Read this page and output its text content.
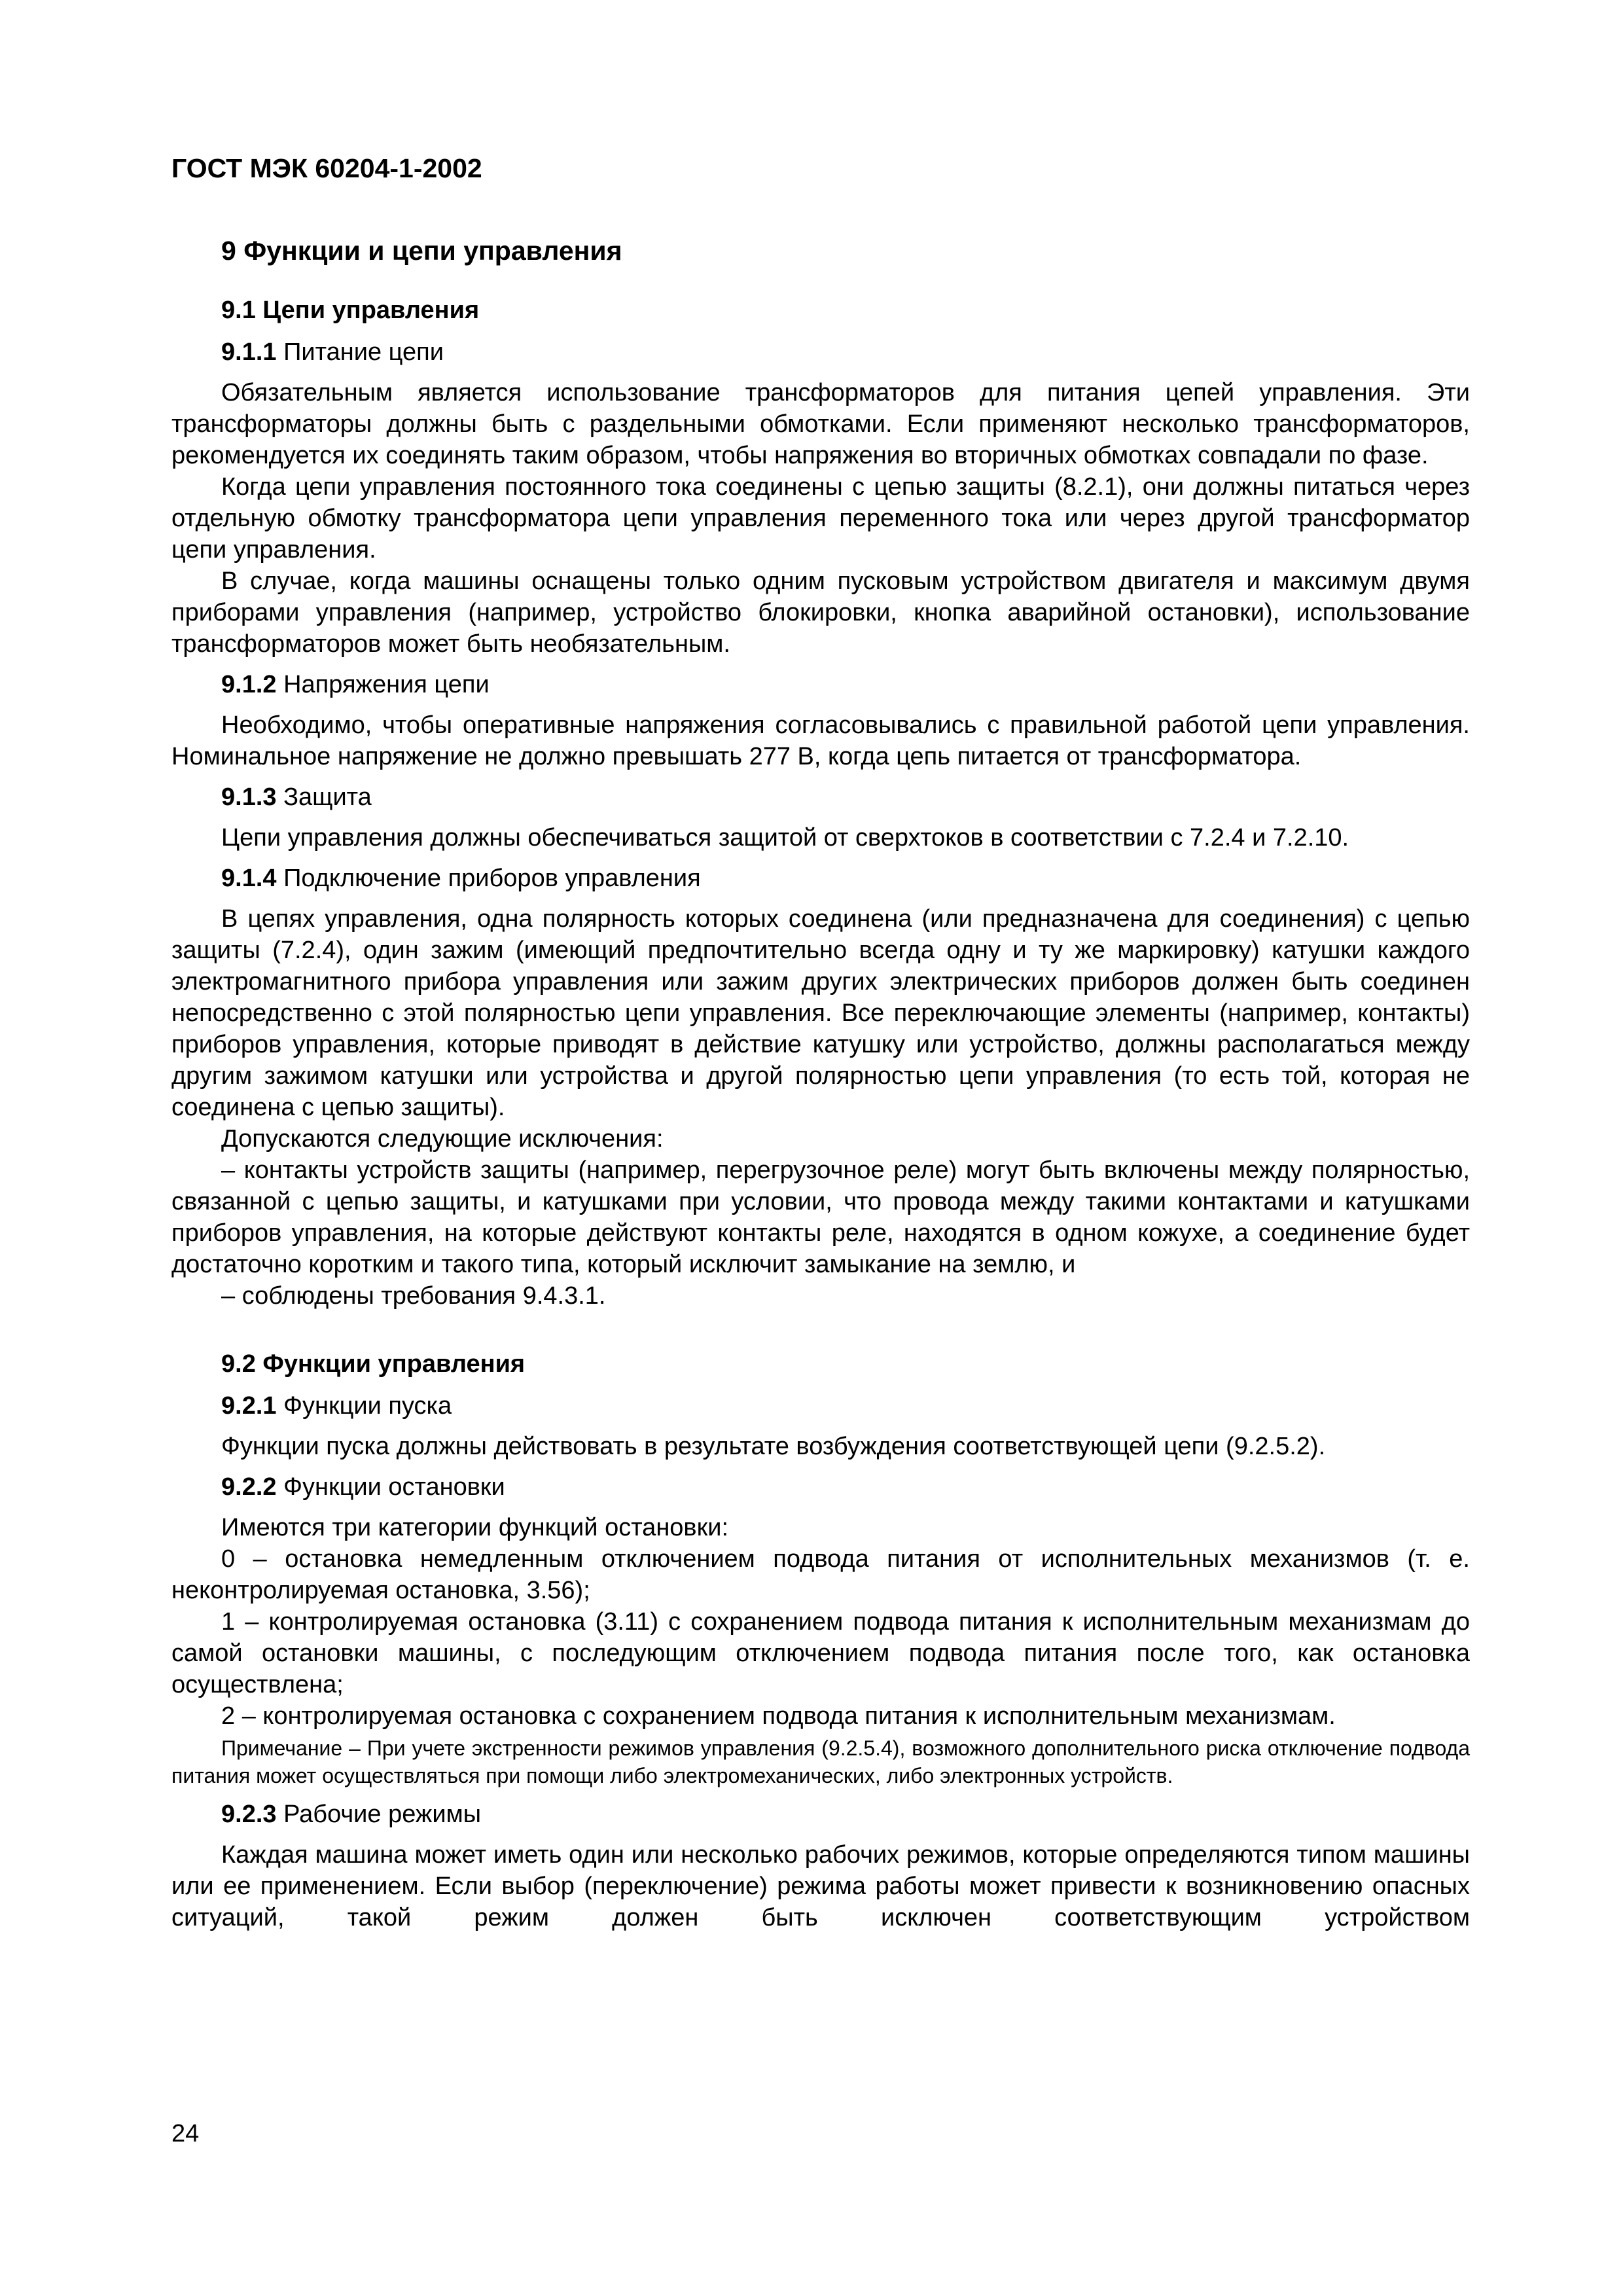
ГОСТ МЭК 60204-1-2002
9 Функции и цепи управления
9.1 Цепи управления
9.1.1 Питание цепи

Обязательным является использование трансформаторов для питания цепей управления. Эти трансформаторы должны быть с раздельными обмотками. Если применяют несколько трансформаторов, рекомендуется их соединять таким образом, чтобы напряжения во вторичных обмотках совпадали по фазе.

Когда цепи управления постоянного тока соединены с цепью защиты (8.2.1), они должны питаться через отдельную обмотку трансформатора цепи управления переменного тока или через другой трансформатор цепи управления.

В случае, когда машины оснащены только одним пусковым устройством двигателя и максимум двумя приборами управления (например, устройство блокировки, кнопка аварийной остановки), использование трансформаторов может быть необязательным.

9.1.2 Напряжения цепи

Необходимо, чтобы оперативные напряжения согласовывались с правильной работой цепи управления. Номинальное напряжение не должно превышать 277 В, когда цепь питается от трансформатора.

9.1.3 Защита

Цепи управления должны обеспечиваться защитой от сверхтоков в соответствии с 7.2.4 и 7.2.10.

9.1.4 Подключение приборов управления

В цепях управления, одна полярность которых соединена (или предназначена для соединения) с цепью защиты (7.2.4), один зажим (имеющий предпочтительно всегда одну и ту же маркировку) катушки каждого электромагнитного прибора управления или зажим других электрических приборов должен быть соединен непосредственно с этой полярностью цепи управления. Все переключающие элементы (например, контакты) приборов управления, которые приводят в действие катушку или устройство, должны располагаться между другим зажимом катушки или устройства и другой полярностью цепи управления (то есть той, которая не соединена с цепью защиты).

Допускаются следующие исключения:

– контакты устройств защиты (например, перегрузочное реле) могут быть включены между полярностью, связанной с цепью защиты, и катушками при условии, что провода между такими контактами и катушками приборов управления, на которые действуют контакты реле, находятся в одном кожухе, а соединение будет достаточно коротким и такого типа, который исключит замыкание на землю, и

– соблюдены требования 9.4.3.1.

9.2 Функции управления
9.2.1 Функции пуска

Функции пуска должны действовать в результате возбуждения соответствующей цепи (9.2.5.2).

9.2.2 Функции остановки

Имеются три категории функций остановки:

0 – остановка немедленным отключением подвода питания от исполнительных механизмов (т. е. неконтролируемая остановка, 3.56);

1 – контролируемая остановка (3.11) с сохранением подвода питания к исполнительным механизмам до самой остановки машины, с последующим отключением подвода питания после того, как остановка осуществлена;

2 – контролируемая остановка с сохранением подвода питания к исполнительным механизмам.

Примечание – При учете экстренности режимов управления (9.2.5.4), возможного дополнительного риска отключение подвода питания может осуществляться при помощи либо электромеханических, либо электронных устройств.

9.2.3 Рабочие режимы

Каждая машина может иметь один или несколько рабочих режимов, которые определяются типом машины или ее применением. Если выбор (переключение) режима работы может привести к возникновению опасных ситуаций, такой режим должен быть исключен соответствующим устройством

24
